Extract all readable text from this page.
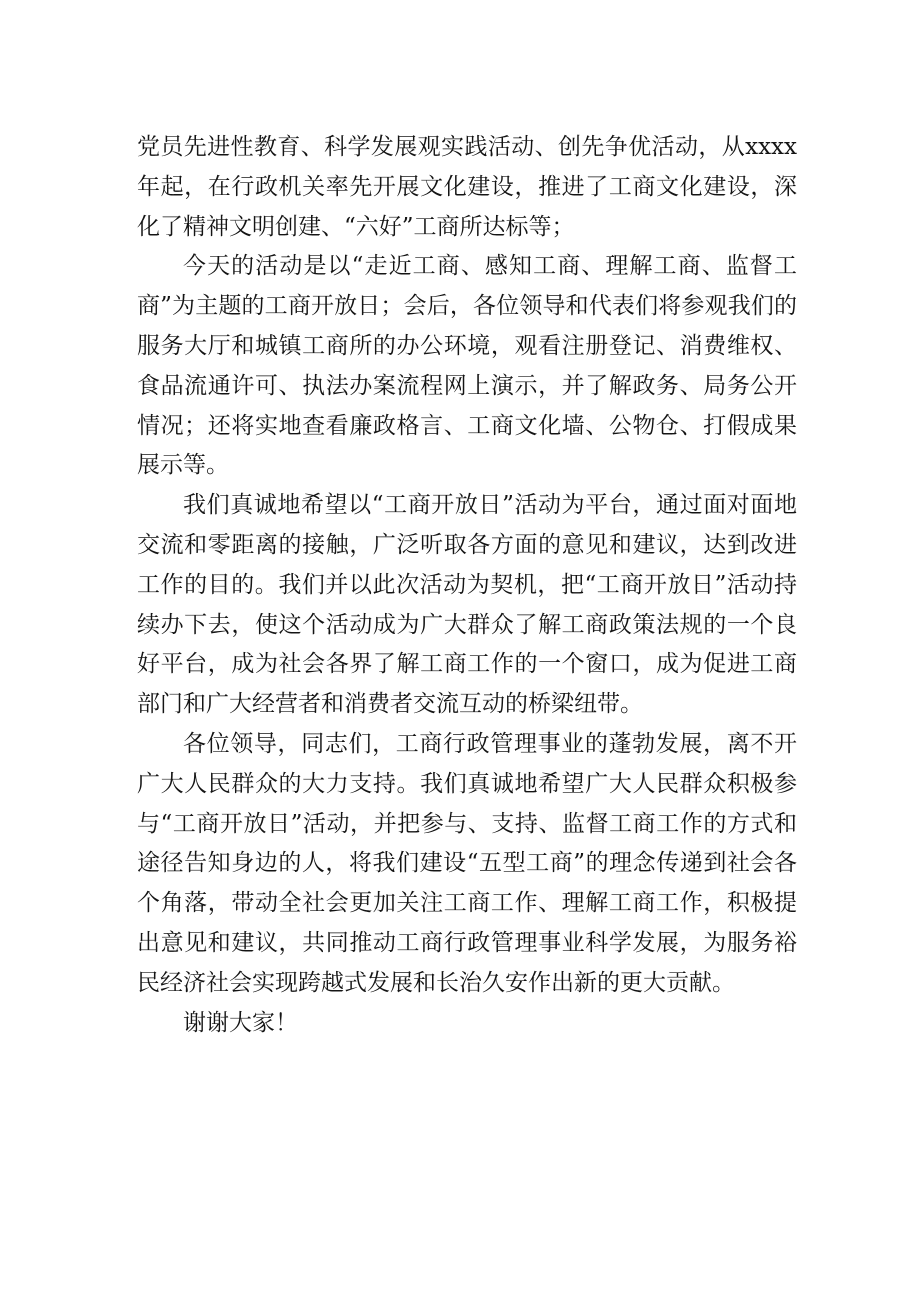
党员先进性教育、科学发展观实践活动、创先争优活动，从xxxx年起，在行政机关率先开展文化建设，推进了工商文化建设，深化了精神文明创建、“六好”工商所达标等；

今天的活动是以“走近工商、感知工商、理解工商、监督工商”为主题的工商开放日；会后，各位领导和代表们将参观我们的服务大厅和城镇工商所的办公环境，观看注册登记、消费维权、食品流通许可、执法办案流程网上演示，并了解政务、局务公开情况；还将实地查看廉政格言、工商文化墙、公物仓、打假成果展示等。

我们真诚地希望以“工商开放日”活动为平台，通过面对面地交流和零距离的接触，广泛听取各方面的意见和建议，达到改进工作的目的。我们并以此次活动为契机，把“工商开放日”活动持续办下去，使这个活动成为广大群众了解工商政策法规的一个良好平台，成为社会各界了解工商工作的一个窗口，成为促进工商部门和广大经营者和消费者交流互动的桥梁纽带。

各位领导，同志们，工商行政管理事业的蓬勃发展，离不开广大人民群众的大力支持。我们真诚地希望广大人民群众积极参与“工商开放日”活动，并把参与、支持、监督工商工作的方式和途径告知身边的人，将我们建设“五型工商”的理念传递到社会各个角落，带动全社会更加关注工商工作、理解工商工作，积极提出意见和建议，共同推动工商行政管理事业科学发展，为服务裕民经济社会实现跨越式发展和长治久安作出新的更大贡献。

谢谢大家！
